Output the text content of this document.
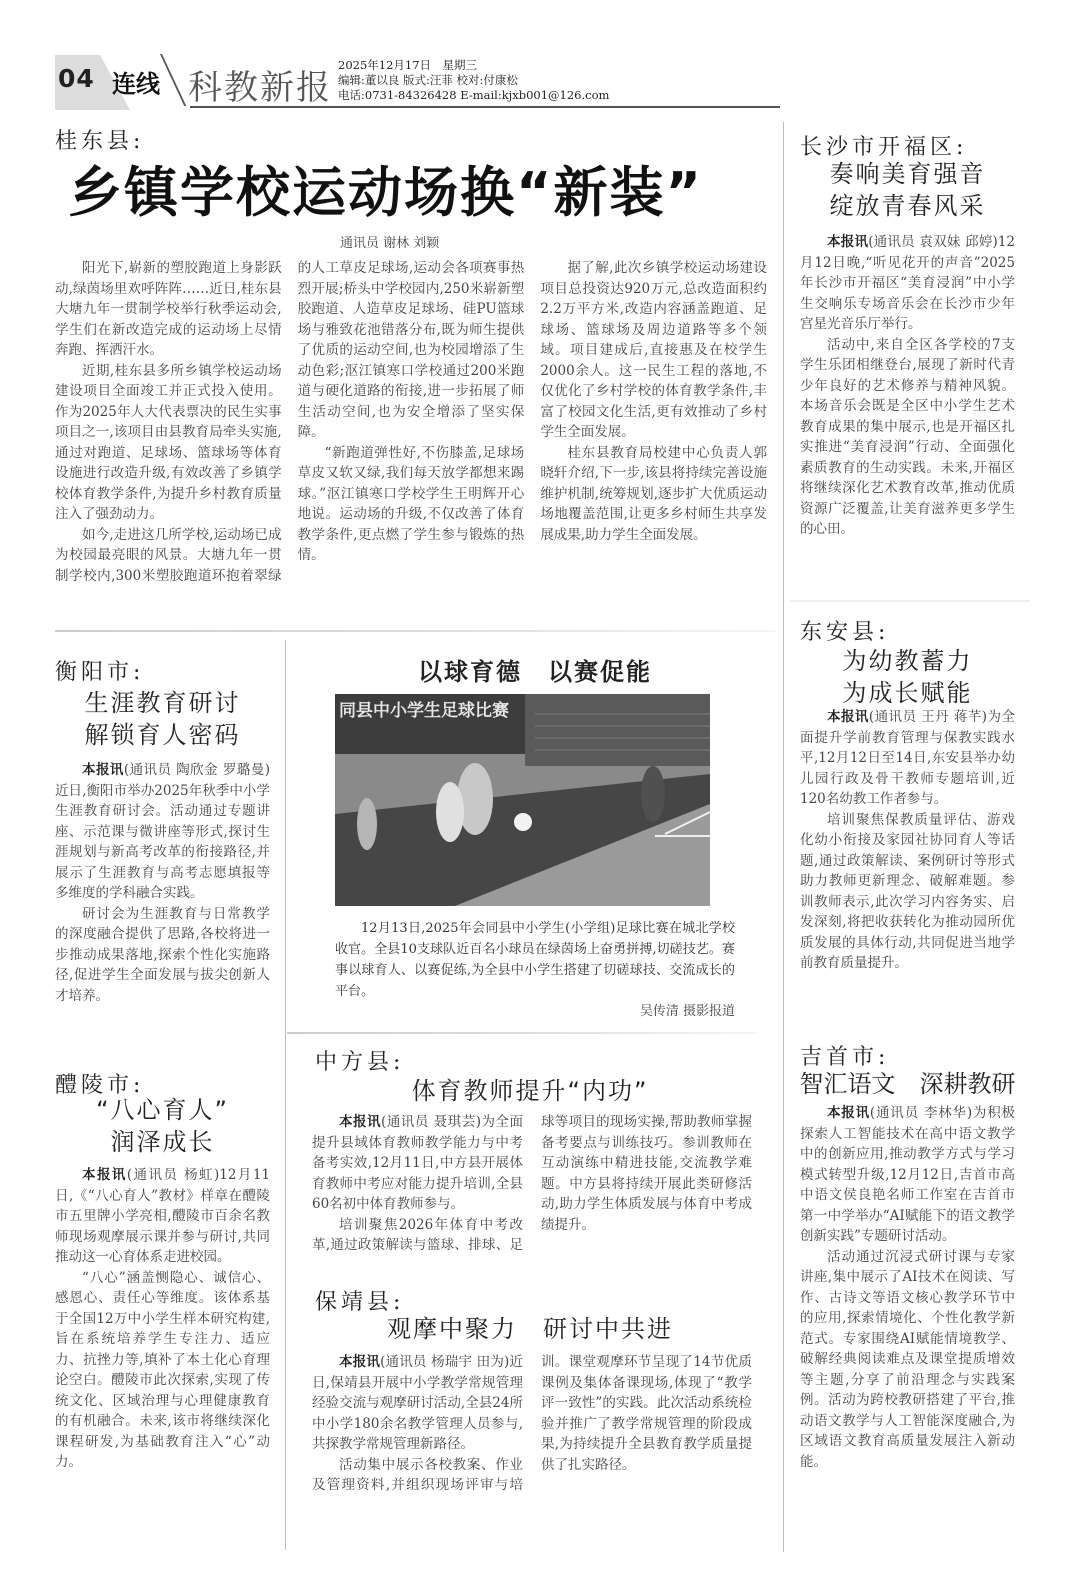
04 连线 科教新报
2025年12月17日　星期三
编辑:董以良 版式:汪菲 校对:付康松
电话:0731-84326428 E-mail:kjxb001@126.com
桂东县:
乡镇学校运动场换“新装”
通讯员 谢林 刘颖

阳光下,崭新的塑胶跑道上身影跃动,绿茵场里欢呼阵阵……近日,桂东县大塘九年一贯制学校举行秋季运动会,学生们在新改造完成的运动场上尽情奔跑、挥洒汗水。

近期,桂东县多所乡镇学校运动场建设项目全面竣工并正式投入使用。作为2025年人大代表票决的民生实事项目之一,该项目由县教育局牵头实施,通过对跑道、足球场、篮球场等体育设施进行改造升级,有效改善了乡镇学校体育教学条件,为提升乡村教育质量注入了强劲动力。

如今,走进这几所学校,运动场已成为校园最亮眼的风景。大塘九年一贯制学校内,300米塑胶跑道环抱着翠绿的人工草皮足球场,运动会各项赛事热烈开展;桥头中学校园内,250米崭新塑胶跑道、人造草皮足球场、硅PU篮球场与雅致花池错落分布,既为师生提供了优质的运动空间,也为校园增添了生动色彩;沤江镇寒口学校通过200米跑道与硬化道路的衔接,进一步拓展了师生活动空间,也为安全增添了坚实保障。

“新跑道弹性好,不伤膝盖,足球场草皮又软又绿,我们每天放学都想来踢球。”沤江镇寒口学校学生王明辉开心地说。运动场的升级,不仅改善了体育教学条件,更点燃了学生参与锻炼的热情。

据了解,此次乡镇学校运动场建设项目总投资达920万元,总改造面积约2.2万平方米,改造内容涵盖跑道、足球场、篮球场及周边道路等多个领域。项目建成后,直接惠及在校学生2000余人。这一民生工程的落地,不仅优化了乡村学校的体育教学条件,丰富了校园文化生活,更有效推动了乡村学生全面发展。

桂东县教育局校建中心负责人郭晓轩介绍,下一步,该县将持续完善设施维护机制,统筹规划,逐步扩大优质运动场地覆盖范围,让更多乡村师生共享发展成果,助力学生全面发展。

长沙市开福区:
奏响美育强音
绽放青春风采

本报讯(通讯员 袁双妹 邱婷)12月12日晚,“听见花开的声音”2025年长沙市开福区“美育浸润”中小学生交响乐专场音乐会在长沙市少年宫星光音乐厅举行。

活动中,来自全区各学校的7支学生乐团相继登台,展现了新时代青少年良好的艺术修养与精神风貌。本场音乐会既是全区中小学生艺术教育成果的集中展示,也是开福区扎实推进“美育浸润”行动、全面强化素质教育的生动实践。未来,开福区将继续深化艺术教育改革,推动优质资源广泛覆盖,让美育滋养更多学生的心田。

衡阳市:
生涯教育研讨
解锁育人密码

本报讯(通讯员 陶欣金 罗璐曼)近日,衡阳市举办2025年秋季中小学生涯教育研讨会。活动通过专题讲座、示范课与微讲座等形式,探讨生涯规划与新高考改革的衔接路径,并展示了生涯教育与高考志愿填报等多维度的学科融合实践。

研讨会为生涯教育与日常教学的深度融合提供了思路,各校将进一步推动成果落地,探索个性化实施路径,促进学生全面发展与拔尖创新人才培养。

醴陵市:
“八心育人”
润泽成长

本报讯(通讯员 杨虹)12月11日,《“八心育人”教材》样章在醴陵市五里牌小学亮相,醴陵市百余名教师现场观摩展示课并参与研讨,共同推动这一心育体系走进校园。

“八心”涵盖恻隐心、诚信心、感恩心、责任心等维度。该体系基于全国12万中小学生样本研究构建,旨在系统培养学生专注力、适应力、抗挫力等,填补了本土化心育理论空白。醴陵市此次探索,实现了传统文化、区域治理与心理健康教育的有机融合。未来,该市将继续深化课程研发,为基础教育注入“心”动力。

以球育德　以赛促能
同县中小学生足球比赛

12月13日,2025年会同县中小学生(小学组)足球比赛在城北学校收官。全县10支球队近百名小球员在绿茵场上奋勇拼搏,切磋技艺。赛事以球育人、以赛促练,为全县中小学生搭建了切磋球技、交流成长的平台。

吴传清 摄影报道
中方县:
体育教师提升“内功”

本报讯(通讯员 聂琪芸)为全面提升县域体育教师教学能力与中考备考实效,12月11日,中方县开展体育教师中考应对能力提升培训,全县60名初中体育教师参与。

培训聚焦2026年体育中考改革,通过政策解读与篮球、排球、足球等项目的现场实操,帮助教师掌握备考要点与训练技巧。参训教师在互动演练中精进技能,交流教学难题。中方县将持续开展此类研修活动,助力学生体质发展与体育中考成绩提升。

保靖县:
观摩中聚力　研讨中共进

本报讯(通讯员 杨瑞宇 田为)近日,保靖县开展中小学教学常规管理经验交流与观摩研讨活动,全县24所中小学180余名教学管理人员参与,共探教学常规管理新路径。

活动集中展示各校教案、作业及管理资料,并组织现场评审与培训。课堂观摩环节呈现了14节优质课例及集体备课现场,体现了“教学评一致性”的实践。此次活动系统检验并推广了教学常规管理的阶段成果,为持续提升全县教育教学质量提供了扎实路径。

东安县:
为幼教蓄力
为成长赋能

本报讯(通讯员 王丹 蒋芊)为全面提升学前教育管理与保教实践水平,12月12日至14日,东安县举办幼儿园行政及骨干教师专题培训,近120名幼教工作者参与。

培训聚焦保教质量评估、游戏化幼小衔接及家园社协同育人等话题,通过政策解读、案例研讨等形式助力教师更新理念、破解难题。参训教师表示,此次学习内容务实、启发深刻,将把收获转化为推动园所优质发展的具体行动,共同促进当地学前教育质量提升。

吉首市:
智汇语文　深耕教研

本报讯(通讯员 李林华)为积极探索人工智能技术在高中语文教学中的创新应用,推动教学方式与学习模式转型升级,12月12日,吉首市高中语文侯良艳名师工作室在吉首市第一中学举办“AI赋能下的语文教学创新实践”专题研讨活动。

活动通过沉浸式研讨课与专家讲座,集中展示了AI技术在阅读、写作、古诗文等语文核心教学环节中的应用,探索情境化、个性化教学新范式。专家围绕AI赋能情境教学、破解经典阅读难点及课堂提质增效等主题,分享了前沿理念与实践案例。活动为跨校教研搭建了平台,推动语文教学与人工智能深度融合,为区域语文教育高质量发展注入新动能。
